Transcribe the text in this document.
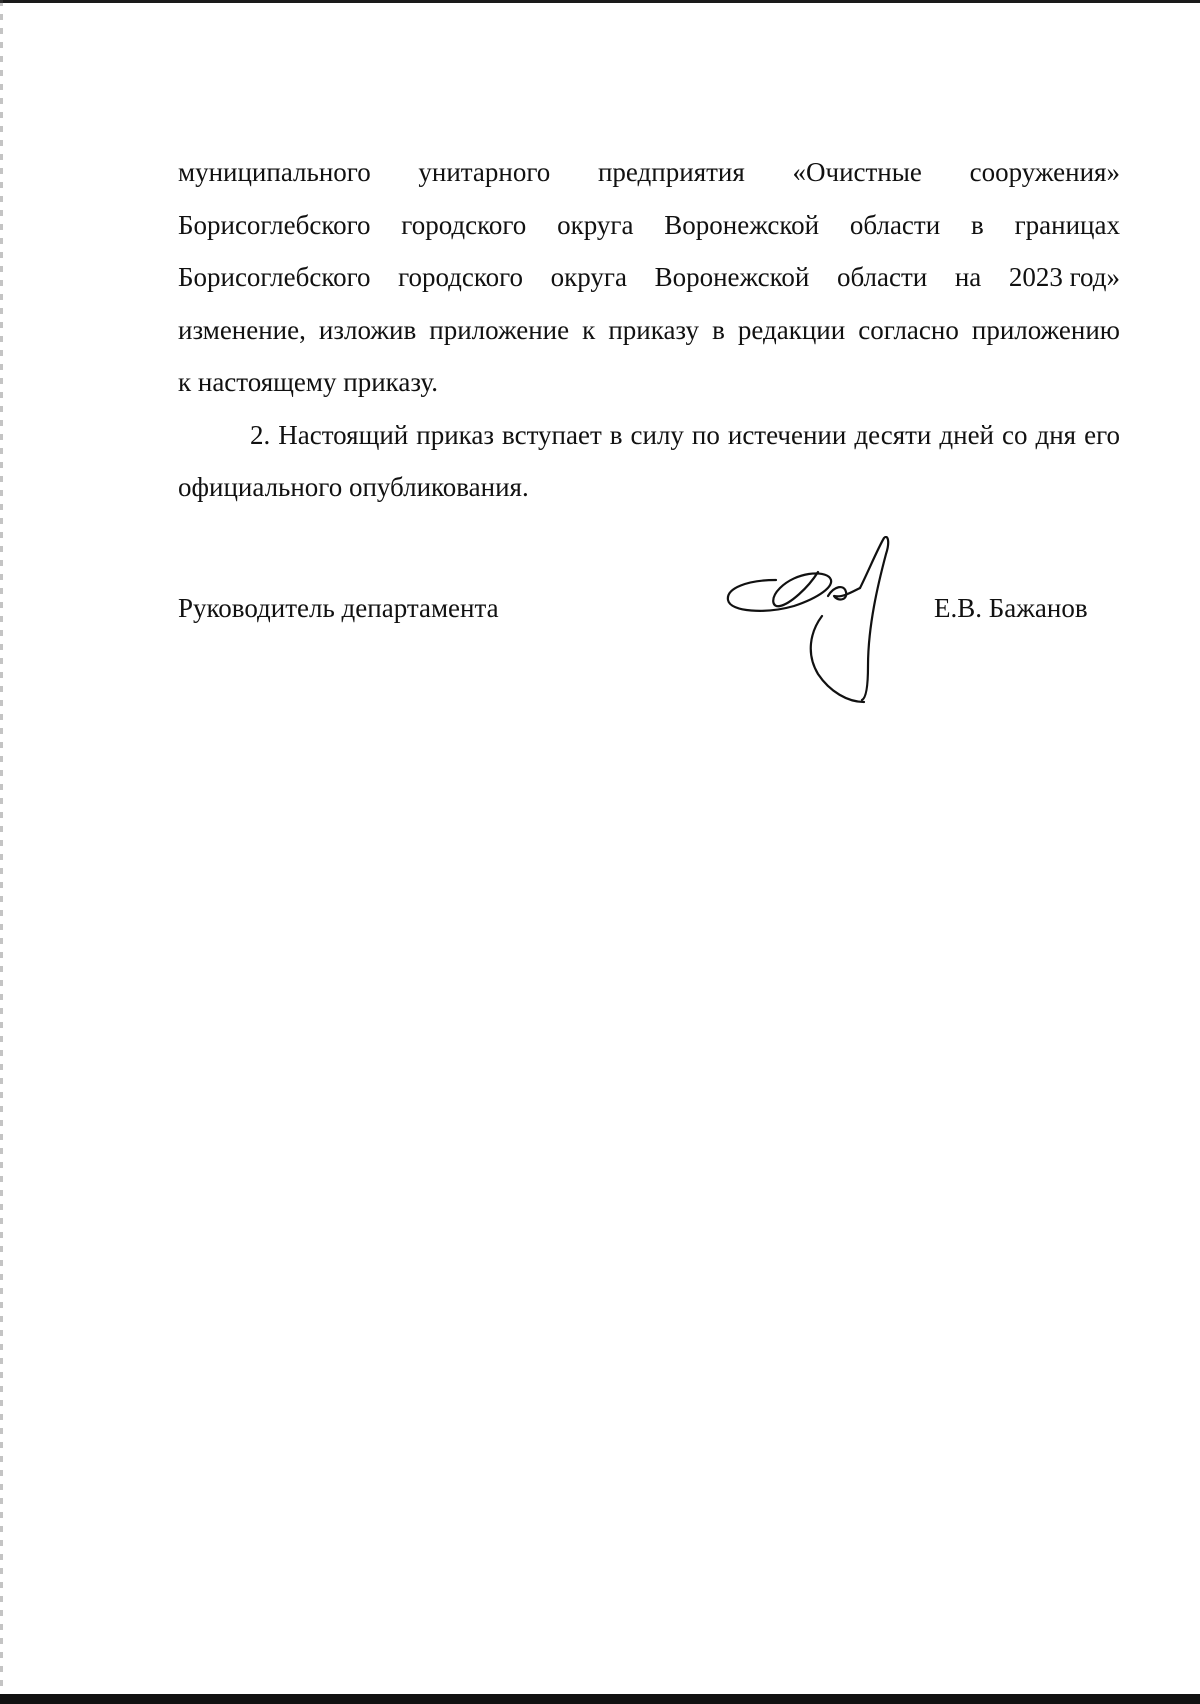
муниципального унитарного предприятия «Очистные сооружения»
Борисоглебского городского округа Воронежской области в границах
Борисоглебского городского округа Воронежской области на 2023 год»
изменение, изложив приложение к приказу в редакции согласно приложению
к настоящему приказу.
2. Настоящий приказ вступает в силу по истечении десяти дней со дня его официального опубликования.
Руководитель департамента	Е.В. Бажанов
